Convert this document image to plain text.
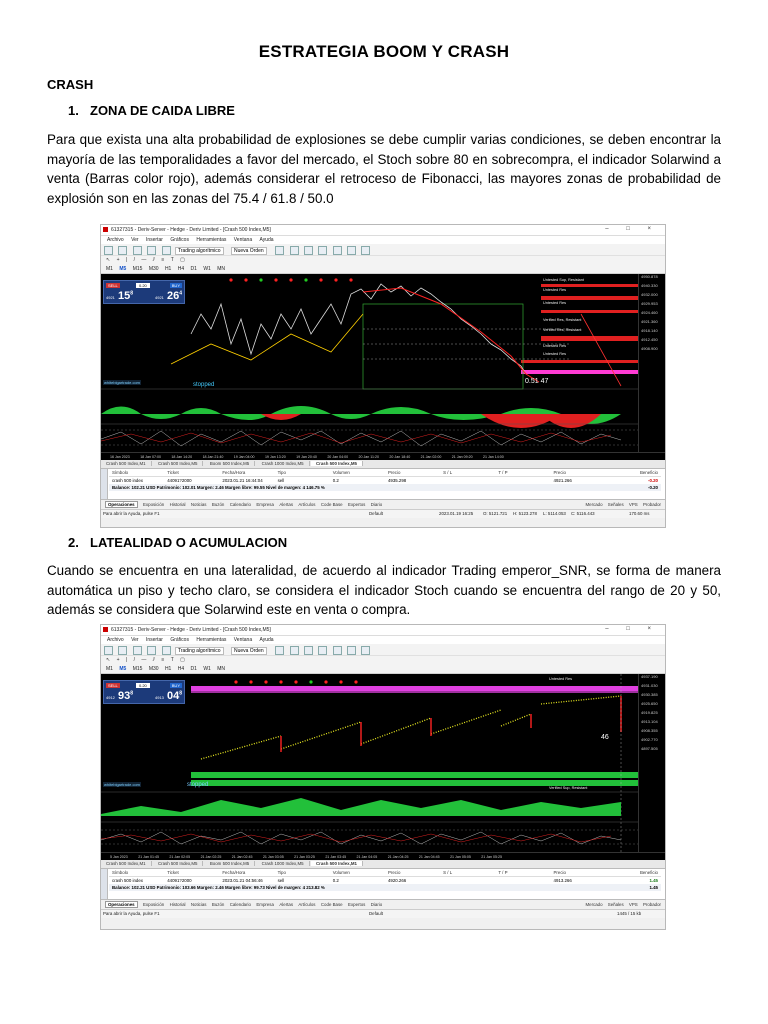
ESTRATEGIA BOOM Y CRASH
CRASH
1. ZONA DE CAIDA LIBRE
Para que exista una alta probabilidad de explosiones se debe cumplir varias condiciones, se deben encontrar la mayoría de las temporalidades a favor del mercado, el Stoch sobre 80 en sobrecompra, el indicador Solarwind a venta (Barras color rojo), además considerar el retroceso de Fibonacci, las mayores zonas de probabilidad de explosión son en las zonas del 75.4 / 61.8 / 50.0
61327315 - Deriv-Server - Hedge - Deriv Limited - [Crash 500 Index,M5]	– □ ×
Archivo Ver Insertar Gráficos Herramientas Ventana Ayuda
Trading algorítmico	Nueva Orden
↖ + | / — ⫽ ≡ T ▢
M1 M5 M15 M30 H1 H4 D1 W1 MN
SELL	0.20	BUY
4921 $15^8$
4921 $26^4$
whitebigartrade.com	stopped	0.51 47
Untested Sup, Resistant
Untested Res
Untested Res
Verified Res, Resistant
Verified Res, Resistant
Untested Res
Untested Res
4950.878
4940.330
4932.000
4929.953
4924.460
4921.360
4918.140
4912.450
4908.900
$_{16 Jan 2023}$	$_{18 Jan 07:00}$	$_{18 Jan 14:20}$	$_{18 Jan 21:40}$	$_{19 Jan 04:00}$	$_{19 Jan 13:20}$	$_{19 Jan 20:40}$	$_{20 Jan 04:00}$	$_{20 Jan 11:20}$	$_{20 Jan 18:40}$	$_{21 Jan 02:00}$	$_{21 Jan 09:20}$	$_{21 Jan 14:00}$
Crash 500 Index,M1	Crash 500 Index,M5	Boom 500 Index,M5	Crash 1000 Index,M5	Crash 500 Index,M5
Símbolo	Ticket	Fecha/Hora	Tipo	Volumen	Precio	S / L	T / P	Precio	Beneficio
crash 500 index	44091?2000	2023.01.21 16:44:04	sell	0.2	4935.298			4921.266	-0.20
Balance: 102.21 USD Patrimonio: 102.01 Margen: 2.46 Margen libre: 99.55 Nivel de margen: 4 146.75 %									-0.20
Operaciones Exposición Historial Noticias Buzón Calendario Empresa Alertas Artículos Code Base Expertos Diario	Mercado Señales VPS Probador
Para abrir la Ayuda, pulse F1	Default	2023.01.19 16:25 O: 5121.721 H: 5123.278 L: 5114.053 C: 5116.443	170.60 ms
2. LATEALIDAD O ACUMULACION
Cuando se encuentra en una lateralidad, de acuerdo al indicador Trading emperor_SNR, se forma de manera automática un piso y techo claro, se considera el indicador Stoch cuando se encuentra del rango de 20 y 50, además se considera que Solarwind este en venta o compra.
61327315 - Deriv-Server - Hedge - Deriv Limited - [Crash 500 Index,M5]	– □ ×
Archivo Ver Insertar Gráficos Herramientas Ventana Ayuda
Trading algorítmico	Nueva Orden
↖ + | / — ⫽ ≡ T ▢
M1 M5 M15 M30 H1 H4 D1 W1 MN
SELL	0.20	BUY
4912 $93^8$
4913 $04^8$
whitebigartrade.com	stopped
46
Untested Res
Verified Sup, Resistant
4937.190
4931.030
4930.385
4925.650
4919.825
4913.104
4908.355
4902.770
4897.505
$_{5 Jan 2023}$	$_{21 Jan 01:45}$	$_{21 Jan 02:05}$	$_{21 Jan 02:25}$	$_{21 Jan 02:45}$	$_{21 Jan 03:05}$	$_{21 Jan 03:25}$	$_{21 Jan 03:45}$	$_{21 Jan 04:05}$	$_{21 Jan 04:25}$	$_{21 Jan 04:45}$	$_{21 Jan 05:05}$	$_{21 Jan 05:25}$
Crash 500 Index,M1	Crash 500 Index,M5	Boom 500 Index,M5	Crash 1000 Index,M5	Crash 500 Index,M1
Símbolo	Ticket	Fecha/Hora	Tipo	Volumen	Precio	S / L	T / P	Precio	Beneficio
crash 500 index	44091?2000	2023.01.21 04:56:46	sell	0.2	4920.266			4913.266	1.45
Balance: 102.21 USD Patrimonio: 103.66 Margen: 2.46 Margen libre: 99.73 Nivel de margen: 4 213.82 %									1.45
Operaciones Exposición Historial Noticias Buzón Calendario Empresa Alertas Artículos Code Base Expertos Diario	Mercado Señales VPS Probador
Para abrir la Ayuda, pulse F1	Default	1445 / 15 kb
